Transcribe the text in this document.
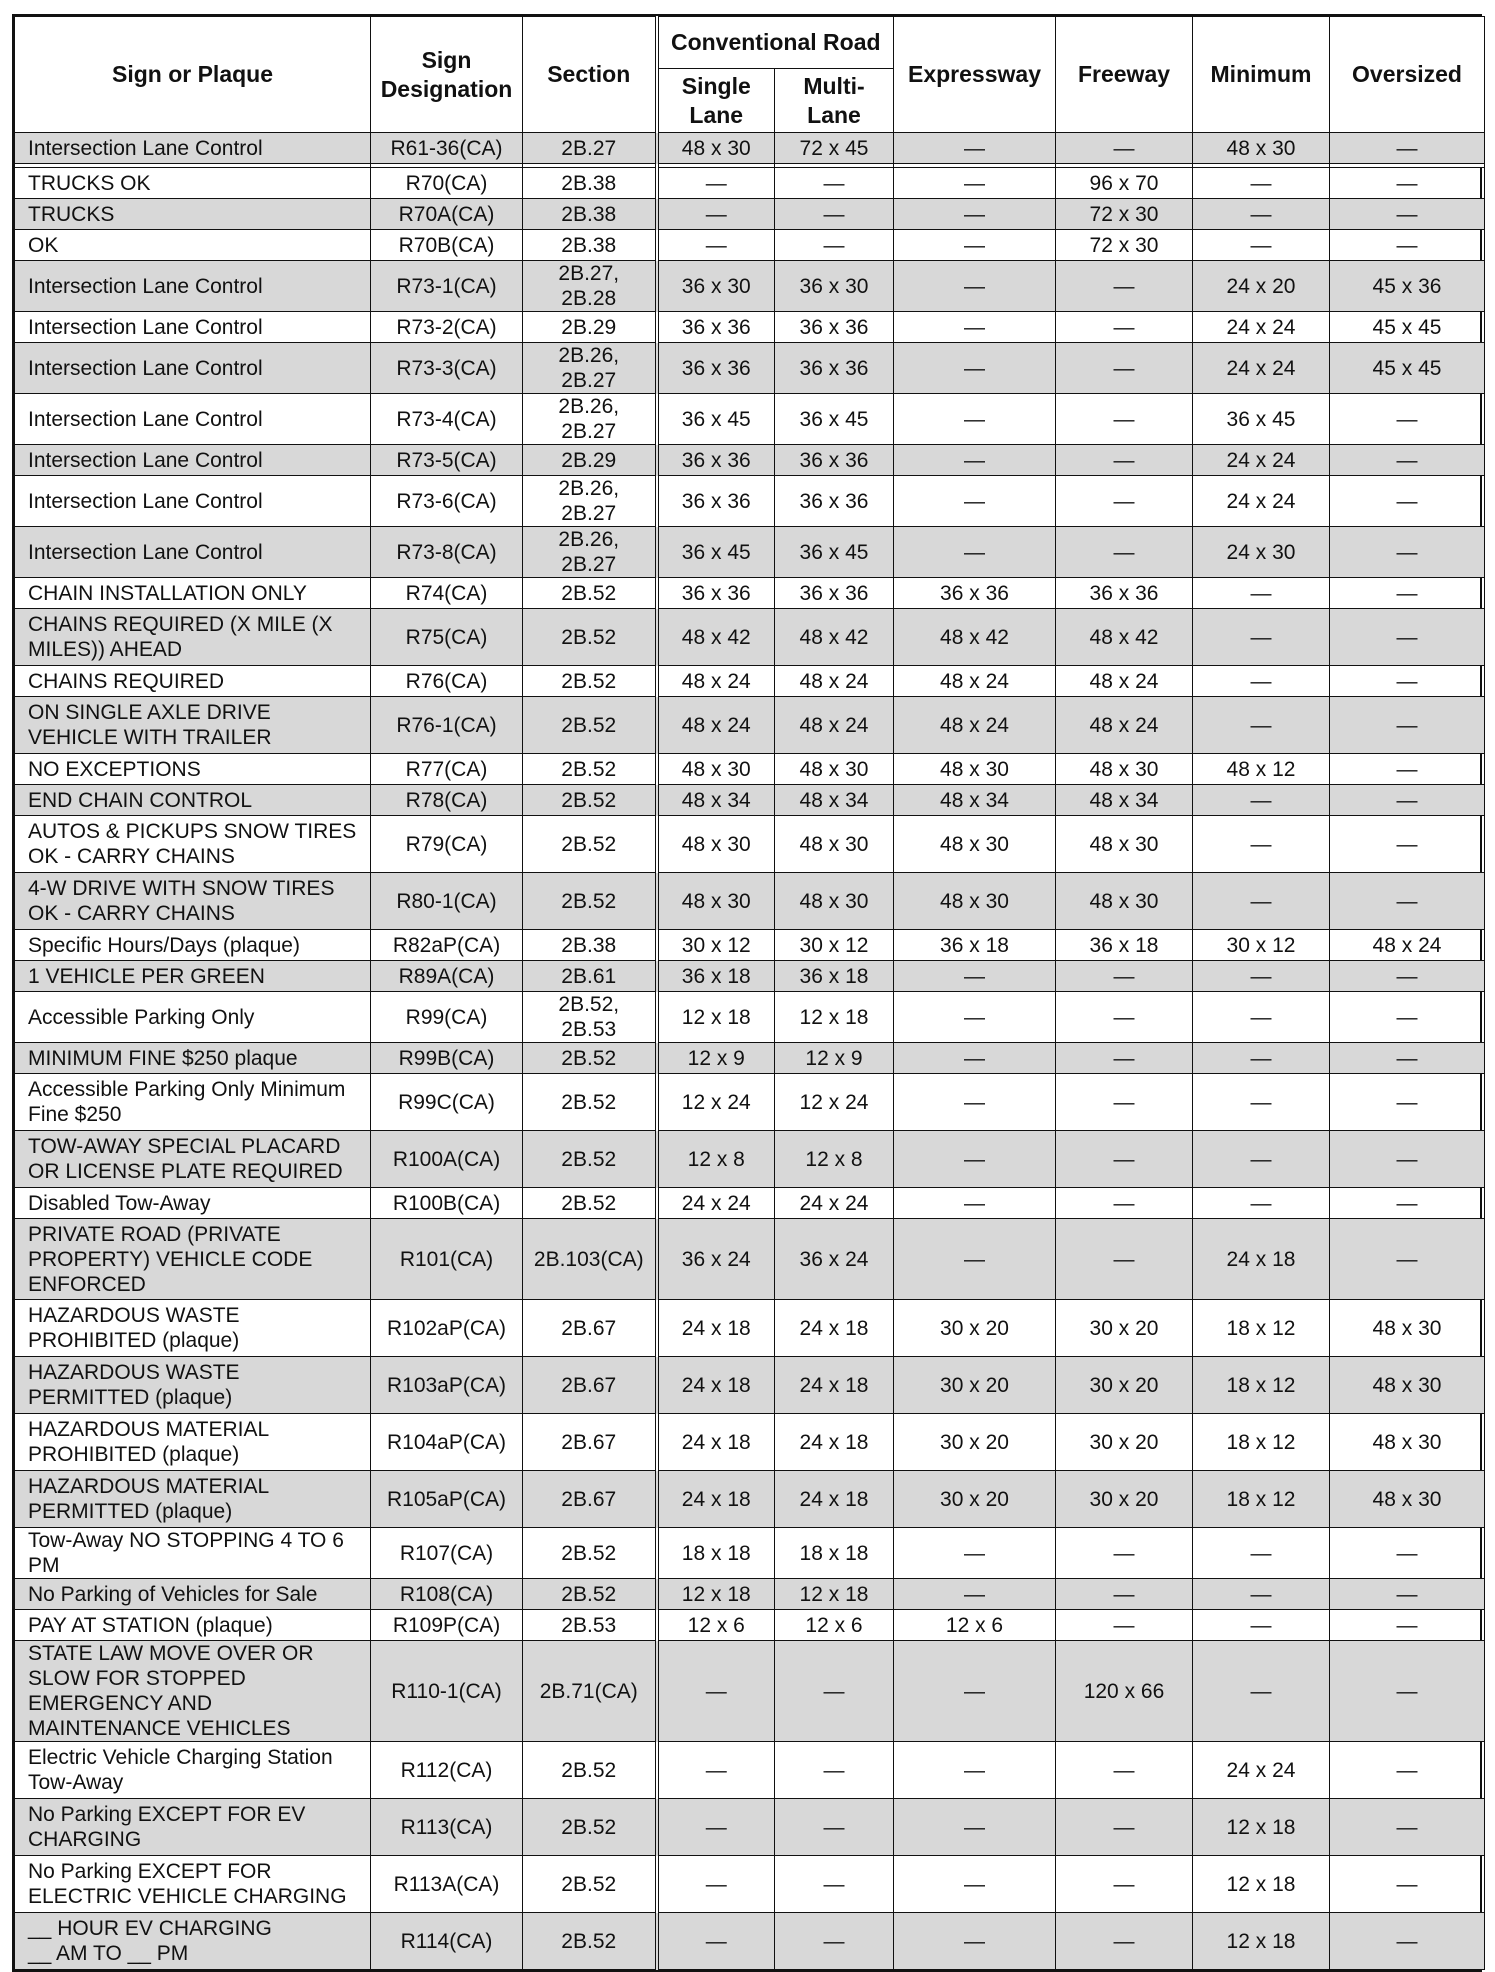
Sign or Plaque	Sign Designation	Section	Conventional Road		Expressway	Freeway	Minimum	Oversized
			Single Lane	Multi-Lane				
Intersection Lane Control	R61-36(CA)	2B.27	48 x 30	72 x 45	—	—	48 x 30	—

TRUCKS OK	R70(CA)	2B.38	—	—	—	96 x 70	—	—
TRUCKS	R70A(CA)	2B.38	—	—	—	72 x 30	—	—
OK	R70B(CA)	2B.38	—	—	—	72 x 30	—	—
Intersection Lane Control	R73-1(CA)	2B.27, 2B.28	36 x 30	36 x 30	—	—	24 x 20	45 x 36
Intersection Lane Control	R73-2(CA)	2B.29	36 x 36	36 x 36	—	—	24 x 24	45 x 45
Intersection Lane Control	R73-3(CA)	2B.26, 2B.27	36 x 36	36 x 36	—	—	24 x 24	45 x 45
Intersection Lane Control	R73-4(CA)	2B.26, 2B.27	36 x 45	36 x 45	—	—	36 x 45	—
Intersection Lane Control	R73-5(CA)	2B.29	36 x 36	36 x 36	—	—	24 x 24	—
Intersection Lane Control	R73-6(CA)	2B.26, 2B.27	36 x 36	36 x 36	—	—	24 x 24	—
Intersection Lane Control	R73-8(CA)	2B.26, 2B.27	36 x 45	36 x 45	—	—	24 x 30	—
CHAIN INSTALLATION ONLY	R74(CA)	2B.52	36 x 36	36 x 36	36 x 36	36 x 36	—	—
CHAINS REQUIRED (X MILE (X MILES)) AHEAD	R75(CA)	2B.52	48 x 42	48 x 42	48 x 42	48 x 42	—	—
CHAINS REQUIRED	R76(CA)	2B.52	48 x 24	48 x 24	48 x 24	48 x 24	—	—
ON SINGLE AXLE DRIVE VEHICLE WITH TRAILER	R76-1(CA)	2B.52	48 x 24	48 x 24	48 x 24	48 x 24	—	—
NO EXCEPTIONS	R77(CA)	2B.52	48 x 30	48 x 30	48 x 30	48 x 30	48 x 12	—
END CHAIN CONTROL	R78(CA)	2B.52	48 x 34	48 x 34	48 x 34	48 x 34	—	—
AUTOS & PICKUPS SNOW TIRES OK - CARRY CHAINS	R79(CA)	2B.52	48 x 30	48 x 30	48 x 30	48 x 30	—	—
4-W DRIVE WITH SNOW TIRES OK - CARRY CHAINS	R80-1(CA)	2B.52	48 x 30	48 x 30	48 x 30	48 x 30	—	—
Specific Hours/Days (plaque)	R82aP(CA)	2B.38	30 x 12	30 x 12	36 x 18	36 x 18	30 x 12	48 x 24
1 VEHICLE PER GREEN	R89A(CA)	2B.61	36 x 18	36 x 18	—	—	—	—
Accessible Parking Only	R99(CA)	2B.52, 2B.53	12 x 18	12 x 18	—	—	—	—
MINIMUM FINE $250 plaque	R99B(CA)	2B.52	12 x 9	12 x 9	—	—	—	—
Accessible Parking Only Minimum Fine $250	R99C(CA)	2B.52	12 x 24	12 x 24	—	—	—	—
TOW-AWAY SPECIAL PLACARD OR LICENSE PLATE REQUIRED	R100A(CA)	2B.52	12 x 8	12 x 8	—	—	—	—
Disabled Tow-Away	R100B(CA)	2B.52	24 x 24	24 x 24	—	—	—	—
PRIVATE ROAD (PRIVATE PROPERTY) VEHICLE CODE ENFORCED	R101(CA)	2B.103(CA)	36 x 24	36 x 24	—	—	24 x 18	—
HAZARDOUS WASTE PROHIBITED (plaque)	R102aP(CA)	2B.67	24 x 18	24 x 18	30 x 20	30 x 20	18 x 12	48 x 30
HAZARDOUS WASTE PERMITTED (plaque)	R103aP(CA)	2B.67	24 x 18	24 x 18	30 x 20	30 x 20	18 x 12	48 x 30
HAZARDOUS MATERIAL PROHIBITED (plaque)	R104aP(CA)	2B.67	24 x 18	24 x 18	30 x 20	30 x 20	18 x 12	48 x 30
HAZARDOUS MATERIAL PERMITTED (plaque)	R105aP(CA)	2B.67	24 x 18	24 x 18	30 x 20	30 x 20	18 x 12	48 x 30
Tow-Away NO STOPPING 4 TO 6 PM	R107(CA)	2B.52	18 x 18	18 x 18	—	—	—	—
No Parking of Vehicles for Sale	R108(CA)	2B.52	12 x 18	12 x 18	—	—	—	—
PAY AT STATION (plaque)	R109P(CA)	2B.53	12 x 6	12 x 6	12 x 6	—	—	—
STATE LAW MOVE OVER OR SLOW FOR STOPPED EMERGENCY AND MAINTENANCE VEHICLES	R110-1(CA)	2B.71(CA)	—	—	—	120 x 66	—	—
Electric Vehicle Charging Station Tow-Away	R112(CA)	2B.52	—	—	—	—	24 x 24	—
No Parking EXCEPT FOR EV CHARGING	R113(CA)	2B.52	—	—	—	—	12 x 18	—
No Parking EXCEPT FOR ELECTRIC VEHICLE CHARGING	R113A(CA)	2B.52	—	—	—	—	12 x 18	—
__ HOUR EV CHARGING
__ AM TO __ PM	R114(CA)	2B.52	—	—	—	—	12 x 18	—
